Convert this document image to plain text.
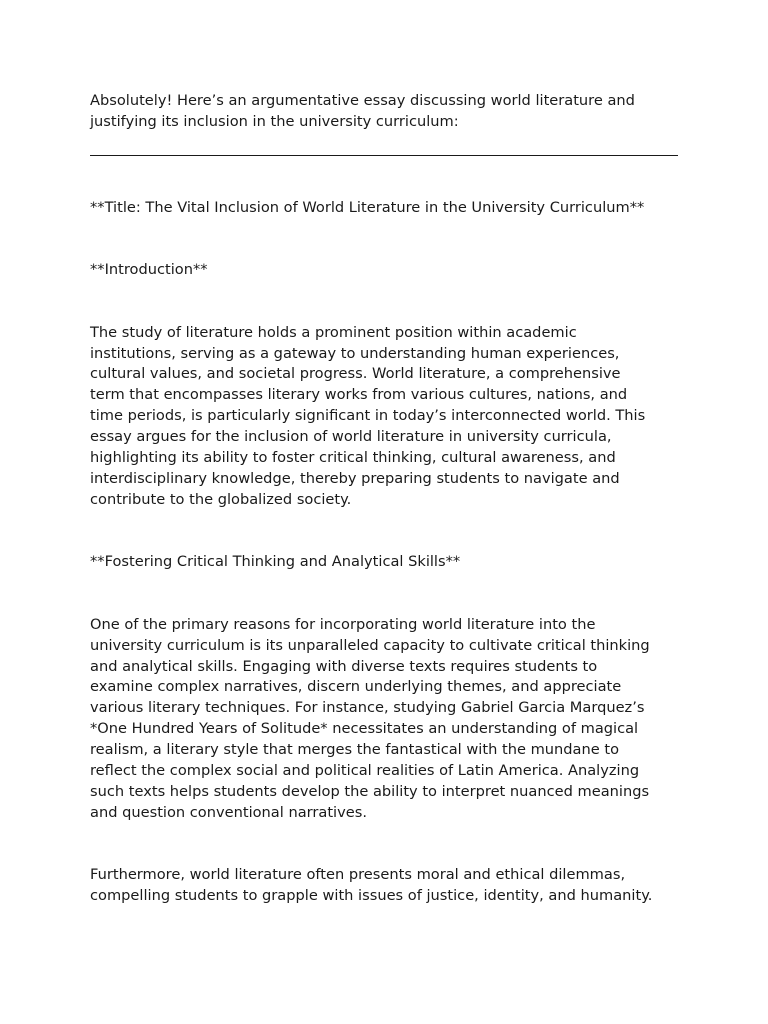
Absolutely! Here’s an argumentative essay discussing world literature and
justifying its inclusion in the university curriculum:
**Title: The Vital Inclusion of World Literature in the University Curriculum**
**Introduction**
The study of literature holds a prominent position within academic
institutions, serving as a gateway to understanding human experiences,
cultural values, and societal progress. World literature, a comprehensive
term that encompasses literary works from various cultures, nations, and
time periods, is particularly significant in today’s interconnected world. This
essay argues for the inclusion of world literature in university curricula,
highlighting its ability to foster critical thinking, cultural awareness, and
interdisciplinary knowledge, thereby preparing students to navigate and
contribute to the globalized society.
**Fostering Critical Thinking and Analytical Skills**
One of the primary reasons for incorporating world literature into the
university curriculum is its unparalleled capacity to cultivate critical thinking
and analytical skills. Engaging with diverse texts requires students to
examine complex narratives, discern underlying themes, and appreciate
various literary techniques. For instance, studying Gabriel Garcia Marquez’s
*One Hundred Years of Solitude* necessitates an understanding of magical
realism, a literary style that merges the fantastical with the mundane to
reflect the complex social and political realities of Latin America. Analyzing
such texts helps students develop the ability to interpret nuanced meanings
and question conventional narratives.
Furthermore, world literature often presents moral and ethical dilemmas,
compelling students to grapple with issues of justice, identity, and humanity.
